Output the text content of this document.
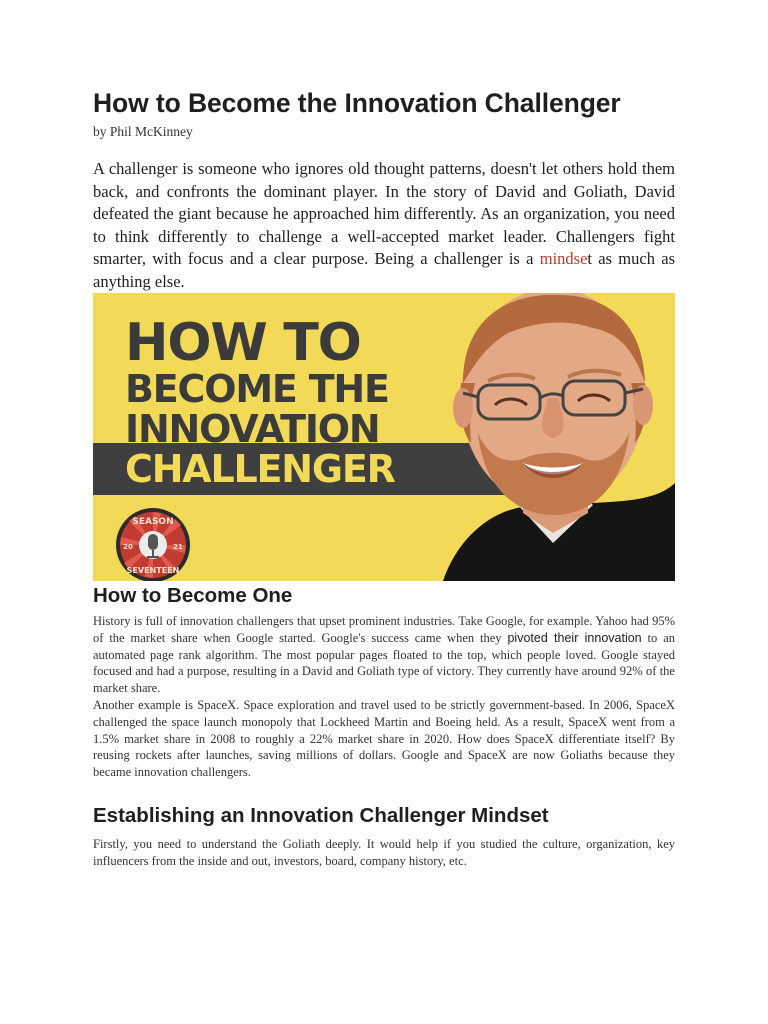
How to Become the Innovation Challenger

by Phil McKinney

A challenger is someone who ignores old thought patterns, doesn't let others hold them back, and confronts the dominant player. In the story of David and Goliath, David defeated the giant because he approached him differently. As an organization, you need to think differently to challenge a well-accepted market leader. Challengers fight smarter, with focus and a clear purpose. Being a challenger is a mindset as much as anything else.

HOW TO
BECOME THE
INNOVATION
CHALLENGER
SEASON
20	21
SEVENTEEN
How to Become One

History is full of innovation challengers that upset prominent industries. Take Google, for example. Yahoo had 95% of the market share when Google started. Google's success came when they pivoted their innovation to an automated page rank algorithm. The most popular pages floated to the top, which people loved. Google stayed focused and had a purpose, resulting in a David and Goliath type of victory. They currently have around 92% of the market share.

Another example is SpaceX. Space exploration and travel used to be strictly government-based. In 2006, SpaceX challenged the space launch monopoly that Lockheed Martin and Boeing held. As a result, SpaceX went from a 1.5% market share in 2008 to roughly a 22% market share in 2020. How does SpaceX differentiate itself? By reusing rockets after launches, saving millions of dollars. Google and SpaceX are now Goliaths because they became innovation challengers.

Establishing an Innovation Challenger Mindset

Firstly, you need to understand the Goliath deeply. It would help if you studied the culture, organization, key influencers from the inside and out, investors, board, company history, etc.
